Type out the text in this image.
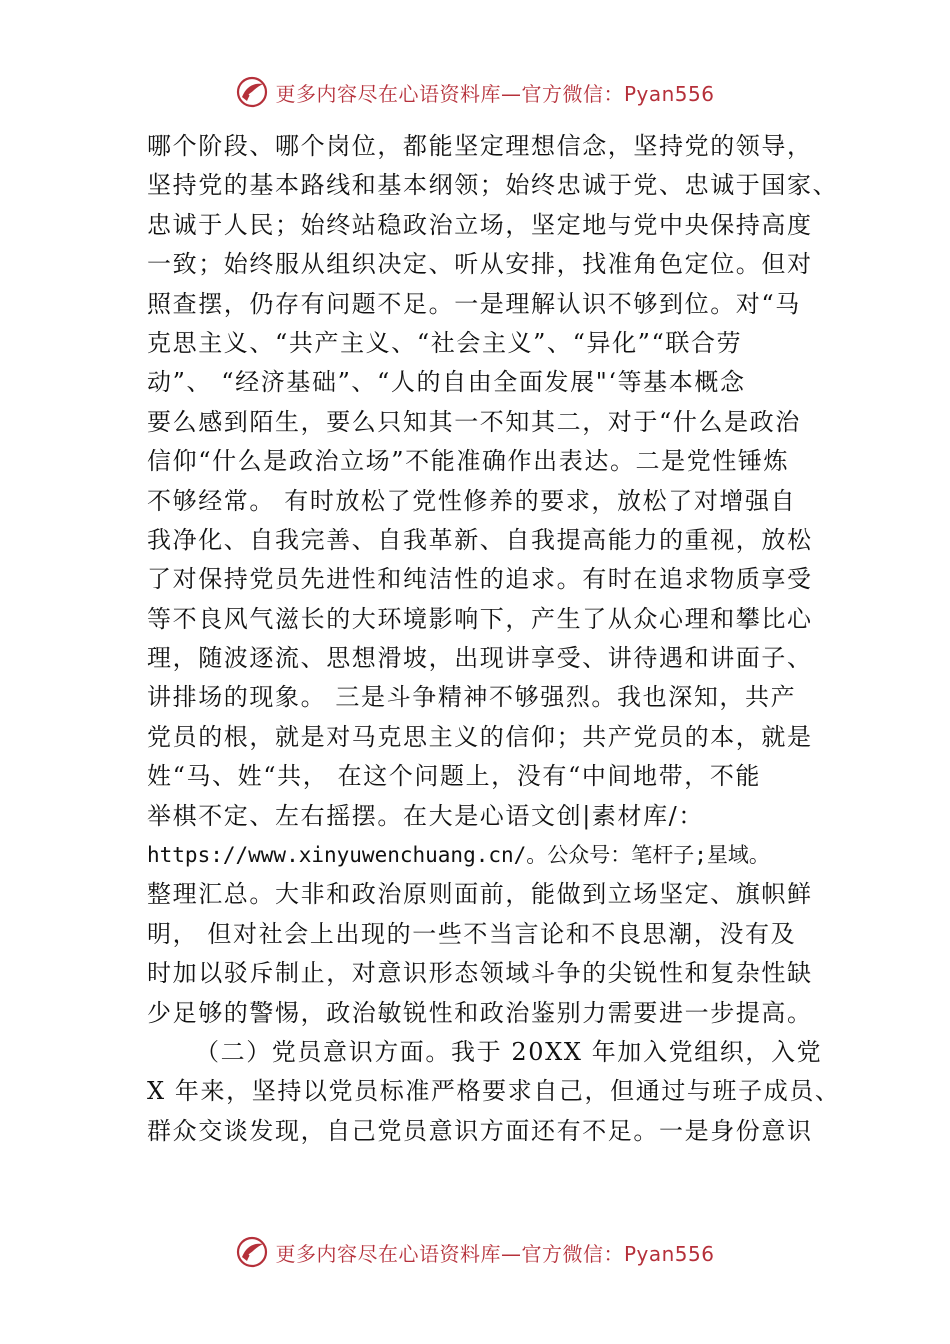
更多内容尽在心语资料库—官方微信：Pyan556
哪个阶段、哪个岗位，都能坚定理想信念，坚持党的领导，
坚持党的基本路线和基本纲领；始终忠诚于党、忠诚于国家、
忠诚于人民；始终站稳政治立场，坚定地与党中央保持高度
一致；始终服从组织决定、听从安排，找准角色定位。但对
照查摆，仍存有问题不足。一是理解认识不够到位。对“马
克思主义、“共产主义、“社会主义”、“异化”“联合劳
动”、 “经济基础”、“人的自由全面发展"‘等基本概念
要么感到陌生，要么只知其一不知其二，对于“什么是政治
信仰“什么是政治立场”不能准确作出表达。二是党性锤炼
不够经常。 有时放松了党性修养的要求，放松了对增强自
我净化、自我完善、自我革新、自我提高能力的重视，放松
了对保持党员先进性和纯洁性的追求。有时在追求物质享受
等不良风气滋长的大环境影响下，产生了从众心理和攀比心
理，随波逐流、思想滑坡，出现讲享受、讲待遇和讲面子、
讲排场的现象。 三是斗争精神不够强烈。我也深知，共产
党员的根，就是对马克思主义的信仰；共产党员的本，就是
姓“马、姓“共， 在这个问题上，没有“中间地带，不能
举棋不定、左右摇摆。在大是心语文创|素材库/：
https://www.xinyuwenchuang.cn/。公众号：笔杆子;星域。
整理汇总。大非和政治原则面前，能做到立场坚定、旗帜鲜
明， 但对社会上出现的一些不当言论和不良思潮，没有及
时加以驳斥制止，对意识形态领域斗争的尖锐性和复杂性缺
少足够的警惕，政治敏锐性和政治鉴别力需要进一步提高。
（二）党员意识方面。我于 20XX 年加入党组织，入党
X 年来，坚持以党员标准严格要求自己，但通过与班子成员、
群众交谈发现，自己党员意识方面还有不足。一是身份意识
更多内容尽在心语资料库—官方微信：Pyan556
